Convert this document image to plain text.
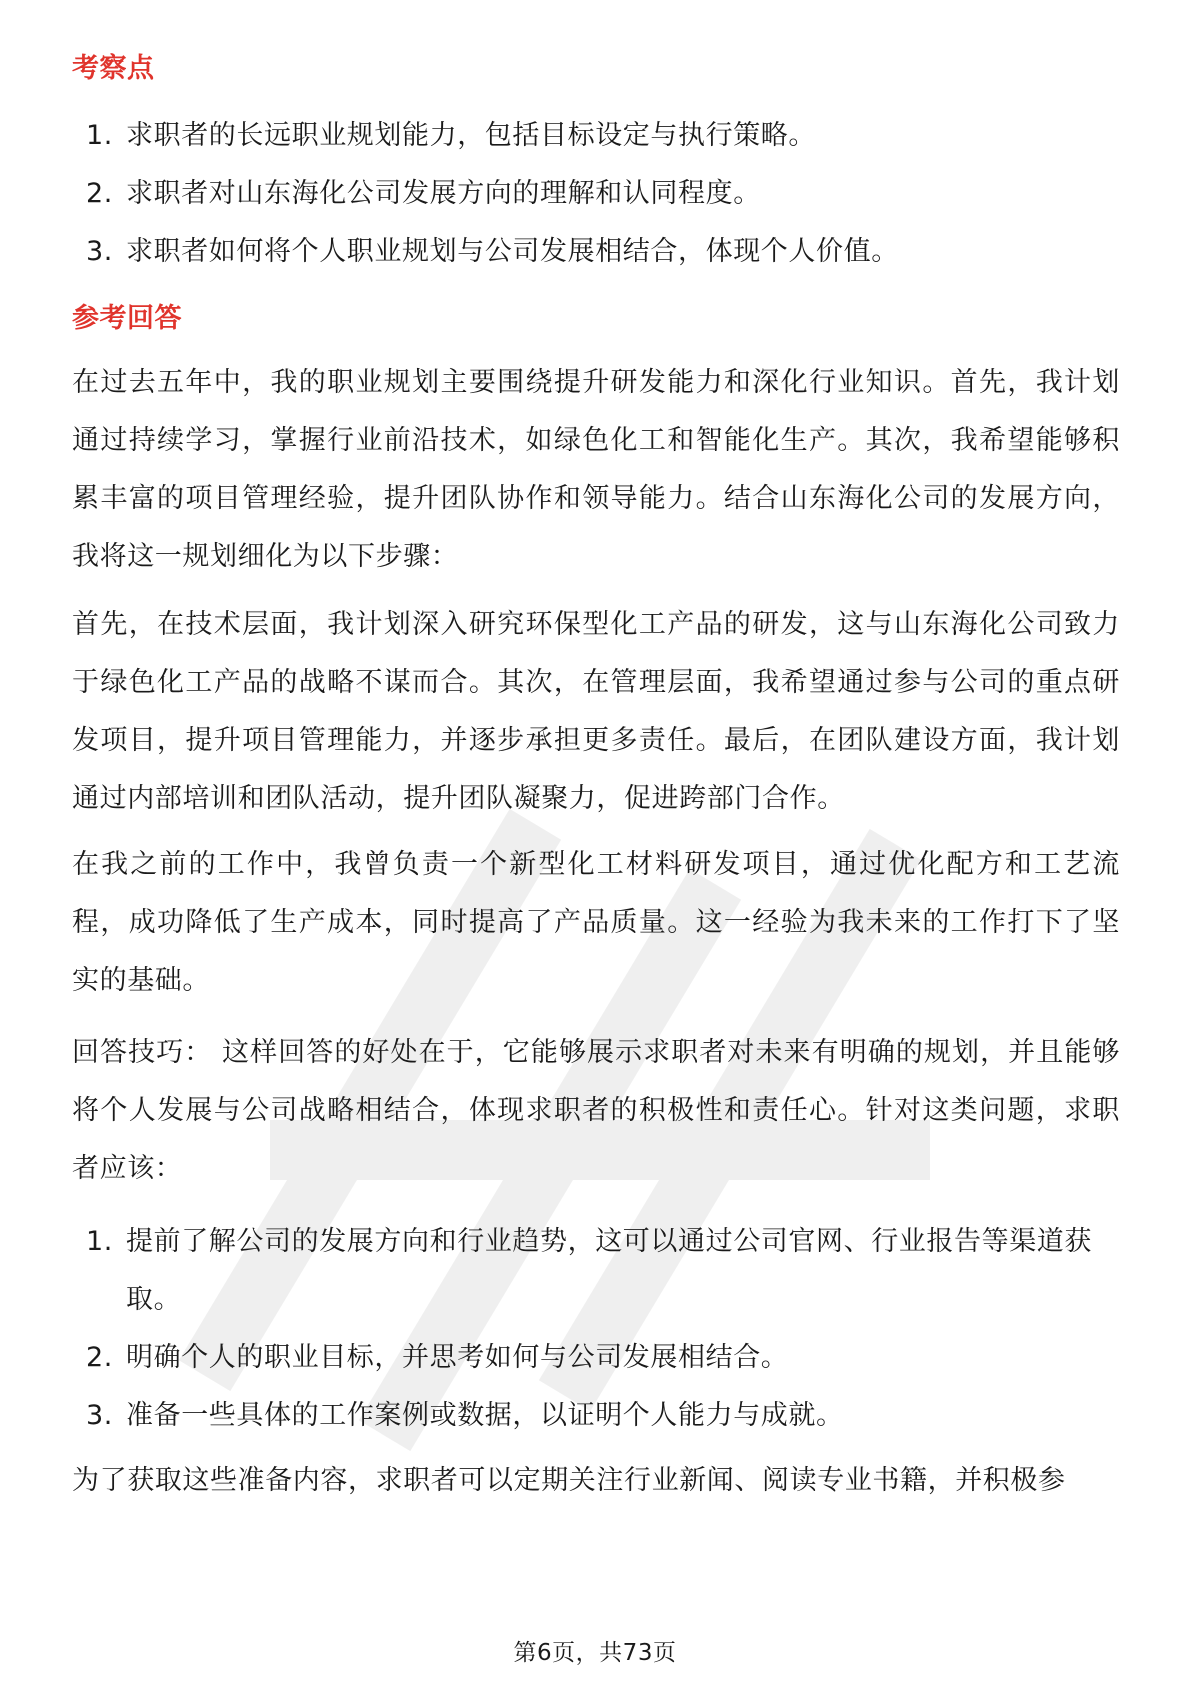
考察点
1. 求职者的长远职业规划能力，包括目标设定与执行策略。
2. 求职者对山东海化公司发展方向的理解和认同程度。
3. 求职者如何将个人职业规划与公司发展相结合，体现个人价值。
参考回答
在过去五年中，我的职业规划主要围绕提升研发能力和深化行业知识。首先，我计划通过持续学习，掌握行业前沿技术，如绿色化工和智能化生产。其次，我希望能够积累丰富的项目管理经验，提升团队协作和领导能力。结合山东海化公司的发展方向，我将这一规划细化为以下步骤：
首先，在技术层面，我计划深入研究环保型化工产品的研发，这与山东海化公司致力于绿色化工产品的战略不谋而合。其次，在管理层面，我希望通过参与公司的重点研发项目，提升项目管理能力，并逐步承担更多责任。最后，在团队建设方面，我计划通过内部培训和团队活动，提升团队凝聚力，促进跨部门合作。
在我之前的工作中，我曾负责一个新型化工材料研发项目，通过优化配方和工艺流程，成功降低了生产成本，同时提高了产品质量。这一经验为我未来的工作打下了坚实的基础。
回答技巧： 这样回答的好处在于，它能够展示求职者对未来有明确的规划，并且能够将个人发展与公司战略相结合，体现求职者的积极性和责任心。针对这类问题，求职者应该：
1. 提前了解公司的发展方向和行业趋势，这可以通过公司官网、行业报告等渠道获取。
2. 明确个人的职业目标，并思考如何与公司发展相结合。
3. 准备一些具体的工作案例或数据，以证明个人能力与成就。
为了获取这些准备内容，求职者可以定期关注行业新闻、阅读专业书籍，并积极参
第6页，共73页
